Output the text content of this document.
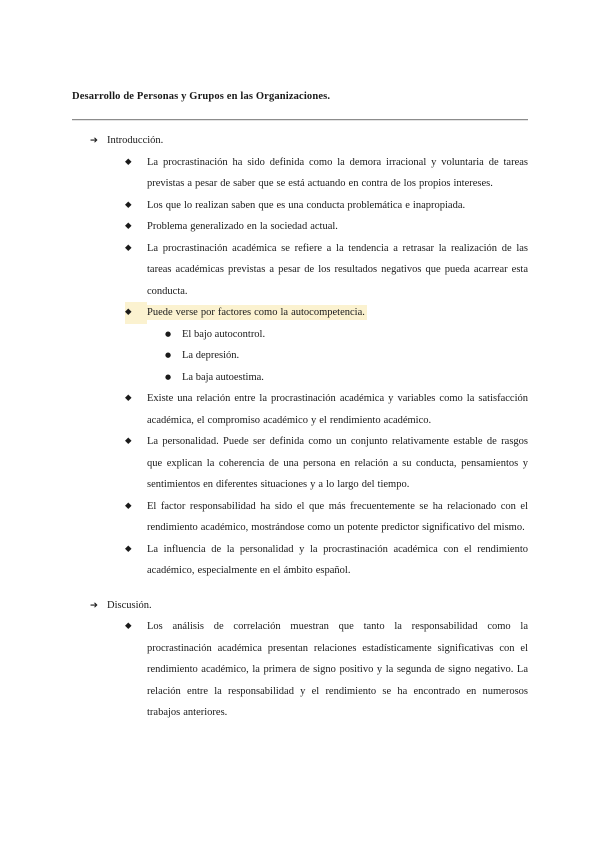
Desarrollo de Personas y Grupos en las Organizaciones.
➔ Introducción.
◆	La procrastinación ha sido definida como la demora irracional y voluntaria de tareas previstas a pesar de saber que se está actuando en contra de los propios intereses.
◆	Los que lo realizan saben que es una conducta problemática e inapropiada.
◆	Problema generalizado en la sociedad actual.
◆	La procrastinación académica se refiere a la tendencia a retrasar la realización de las tareas académicas previstas a pesar de los resultados negativos que pueda acarrear esta conducta.
◆	Puede verse por factores como la autocompetencia.
●	El bajo autocontrol.
●	La depresión.
●	La baja autoestima.
◆	Existe una relación entre la procrastinación académica y variables como la satisfacción académica, el compromiso académico y el rendimiento académico.
◆	La personalidad. Puede ser definida como un conjunto relativamente estable de rasgos que explican la coherencia de una persona en relación a su conducta, pensamientos y sentimientos en diferentes situaciones y a lo largo del tiempo.
◆	El factor responsabilidad ha sido el que más frecuentemente se ha relacionado con el rendimiento académico, mostrándose como un potente predictor significativo del mismo.
◆	La influencia de la personalidad y la procrastinación académica con el rendimiento académico, especialmente en el ámbito español.
➔ Discusión.
◆	Los análisis de correlación muestran que tanto la responsabilidad como la procrastinación académica presentan relaciones estadísticamente significativas con el rendimiento académico, la primera de signo positivo y la segunda de signo negativo. La relación entre la responsabilidad y el rendimiento se ha encontrado en numerosos trabajos anteriores.
